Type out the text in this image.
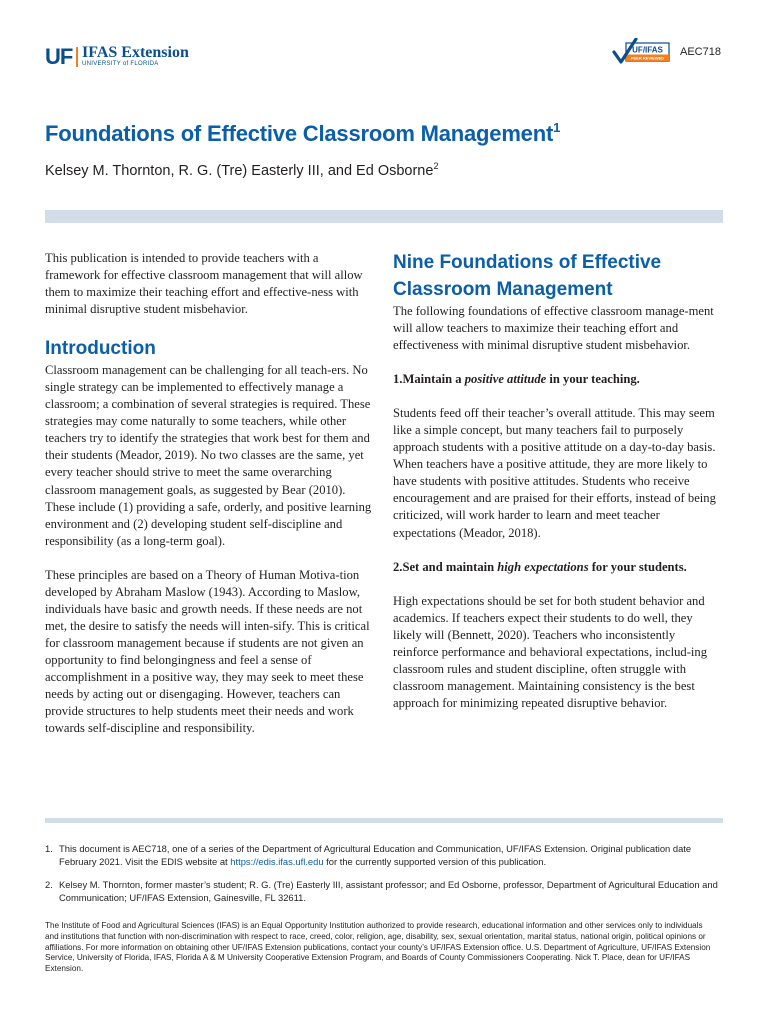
UF IFAS Extension
UNIVERSITY of FLORIDA
UF/IFAS
PEER REVIEWED
AEC718
Foundations of Effective Classroom Management$^1$
Kelsey M. Thornton, R. G. (Tre) Easterly III, and Ed Osborne$^2$

This publication is intended to provide teachers with a framework for effective classroom management that will allow them to maximize their teaching effort and effective-ness with minimal disruptive student misbehavior.

Introduction

Classroom management can be challenging for all teach-ers. No single strategy can be implemented to effectively manage a classroom; a combination of several strategies is required. These strategies may come naturally to some teachers, while other teachers try to identify the strategies that work best for them and their students (Meador, 2019). No two classes are the same, yet every teacher should strive to meet the same overarching classroom management goals, as suggested by Bear (2010). These include (1) providing a safe, orderly, and positive learning environment and (2) developing student self-discipline and responsibility (as a long-term goal).

These principles are based on a Theory of Human Motiva-tion developed by Abraham Maslow (1943). According to Maslow, individuals have basic and growth needs. If these needs are not met, the desire to satisfy the needs will inten-sify. This is critical for classroom management because if students are not given an opportunity to find belongingness and feel a sense of accomplishment in a positive way, they may seek to meet these needs by acting out or disengaging. However, teachers can provide structures to help students meet their needs and work towards self-discipline and responsibility.

Nine Foundations of Effective Classroom Management

The following foundations of effective classroom manage-ment will allow teachers to maximize their teaching effort and effectiveness with minimal disruptive student misbehavior.

1.Maintain a positive attitude in your teaching.

Students feed off their teacher’s overall attitude. This may seem like a simple concept, but many teachers fail to purposely approach students with a positive attitude on a day-to-day basis. When teachers have a positive attitude, they are more likely to have students with positive attitudes. Students who receive encouragement and are praised for their efforts, instead of being criticized, will work harder to learn and meet teacher expectations (Meador, 2018).

2.Set and maintain high expectations for your students.

High expectations should be set for both student behavior and academics. If teachers expect their students to do well, they likely will (Bennett, 2020). Teachers who inconsistently reinforce performance and behavioral expectations, includ-ing classroom rules and student discipline, often struggle with classroom management. Maintaining consistency is the best approach for minimizing repeated disruptive behavior.

1. This document is AEC718, one of a series of the Department of Agricultural Education and Communication, UF/IFAS Extension. Original publication date February 2021. Visit the EDIS website at https://edis.ifas.ufl.edu for the currently supported version of this publication.
2. Kelsey M. Thornton, former master’s student; R. G. (Tre) Easterly III, assistant professor; and Ed Osborne, professor, Department of Agricultural Education and Communication; UF/IFAS Extension, Gainesville, FL 32611.
The Institute of Food and Agricultural Sciences (IFAS) is an Equal Opportunity Institution authorized to provide research, educational information and other services only to individuals and institutions that function with non-discrimination with respect to race, creed, color, religion, age, disability, sex, sexual orientation, marital status, national origin, political opinions or affiliations. For more information on obtaining other UF/IFAS Extension publications, contact your county’s UF/IFAS Extension office. U.S. Department of Agriculture, UF/IFAS Extension Service, University of Florida, IFAS, Florida A & M University Cooperative Extension Program, and Boards of County Commissioners Cooperating. Nick T. Place, dean for UF/IFAS Extension.
